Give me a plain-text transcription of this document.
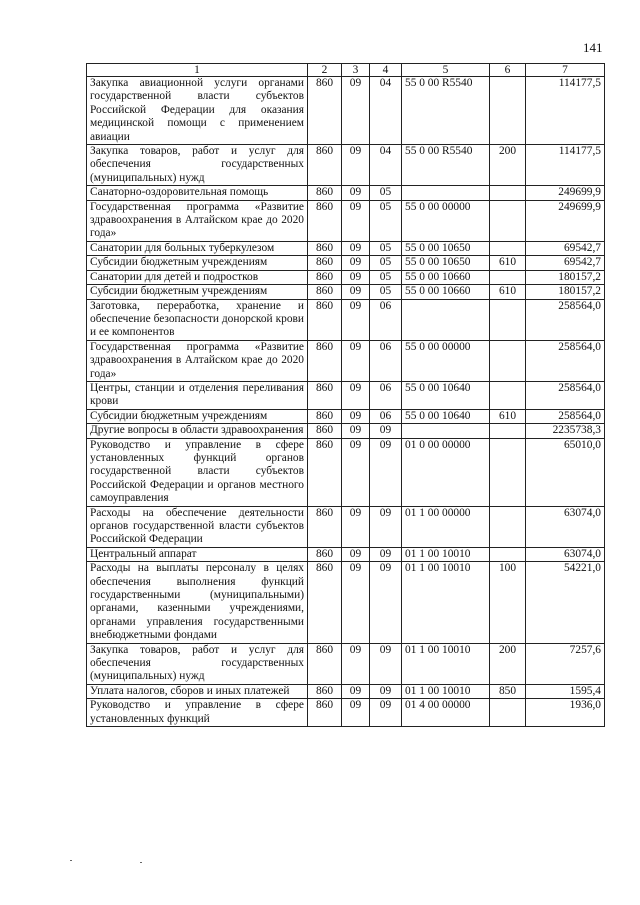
141
1	2	3	4	5	6	7
Закупка авиационной услуги органами государственной власти субъектов Российской Федерации для оказания медицинской помощи с применением авиации	860	09	04	55 0 00 R5540		114177,5
Закупка товаров, работ и услуг для обеспечения государственных (муниципальных) нужд	860	09	04	55 0 00 R5540	200	114177,5
Санаторно-оздоровительная помощь	860	09	05			249699,9
Государственная программа «Развитие здравоохранения в Алтайском крае до 2020 года»	860	09	05	55 0 00 00000		249699,9
Санатории для больных туберкулезом	860	09	05	55 0 00 10650		69542,7
Субсидии бюджетным учреждениям	860	09	05	55 0 00 10650	610	69542,7
Санатории для детей и подростков	860	09	05	55 0 00 10660		180157,2
Субсидии бюджетным учреждениям	860	09	05	55 0 00 10660	610	180157,2
Заготовка, переработка, хранение и обеспечение безопасности донорской крови и ее компонентов	860	09	06			258564,0
Государственная программа «Развитие здравоохранения в Алтайском крае до 2020 года»	860	09	06	55 0 00 00000		258564,0
Центры, станции и отделения переливания крови	860	09	06	55 0 00 10640		258564,0
Субсидии бюджетным учреждениям	860	09	06	55 0 00 10640	610	258564,0
Другие вопросы в области здравоохранения	860	09	09			2235738,3
Руководство и управление в сфере установленных функций органов государственной власти субъектов Российской Федерации и органов местного самоуправления	860	09	09	01 0 00 00000		65010,0
Расходы на обеспечение деятельности органов государственной власти субъектов Российской Федерации	860	09	09	01 1 00 00000		63074,0
Центральный аппарат	860	09	09	01 1 00 10010		63074,0
Расходы на выплаты персоналу в целях обеспечения выполнения функций государственными (муниципальными) органами, казенными учреждениями, органами управления государственными внебюджетными фондами	860	09	09	01 1 00 10010	100	54221,0
Закупка товаров, работ и услуг для обеспечения государственных (муниципальных) нужд	860	09	09	01 1 00 10010	200	7257,6
Уплата налогов, сборов и иных платежей	860	09	09	01 1 00 10010	850	1595,4
Руководство и управление в сфере установленных функций	860	09	09	01 4 00 00000		1936,0
